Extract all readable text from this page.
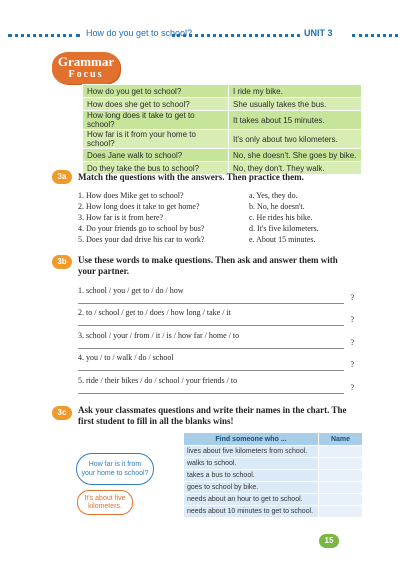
How do you get to school?	UNIT 3
Grammar
Focus
How do you get to school?	I ride my bike.
How does she get to school?	She usually takes the bus.
How long does it take to get to school?	It takes about 15 minutes.
How far is it from your home to school?	It's only about two kilometers.
Does Jane walk to school?	No, she doesn't. She goes by bike.
Do they take the bus to school?	No, they don't. They walk.
3a	Match the questions with the answers. Then practice them.
1. How does Mike get to school?
2. How long does it take to get home?
3. How far is it from here?
4. Do your friends go to school by bus?
5. Does your dad drive his car to work?
a. Yes, they do.
b. No, he doesn't.
c. He rides his bike.
d. It's five kilometers.
e. About 15 minutes.
3b	Use these words to make questions. Then ask and answer them with
your partner.
1. school / you / get to / do / how
?
2. to / school / get to / does / how long / take / it
?
3. school / your / from / it / is / how far / home / to
?
4. you / to / walk / do / school
?
5. ride / their bikes / do / school / your friends / to
?
3c	Ask your classmates questions and write their names in the chart. The
first student to fill in all the blanks wins!
How far is it from
your home to school?
It's about five
kilometers.
Find someone who ...	Name
lives about five kilometers from school.	
walks to school.	
takes a bus to school.	
goes to school by bike.	
needs about an hour to get to school.	
needs about 10 minutes to get to school.	
15
